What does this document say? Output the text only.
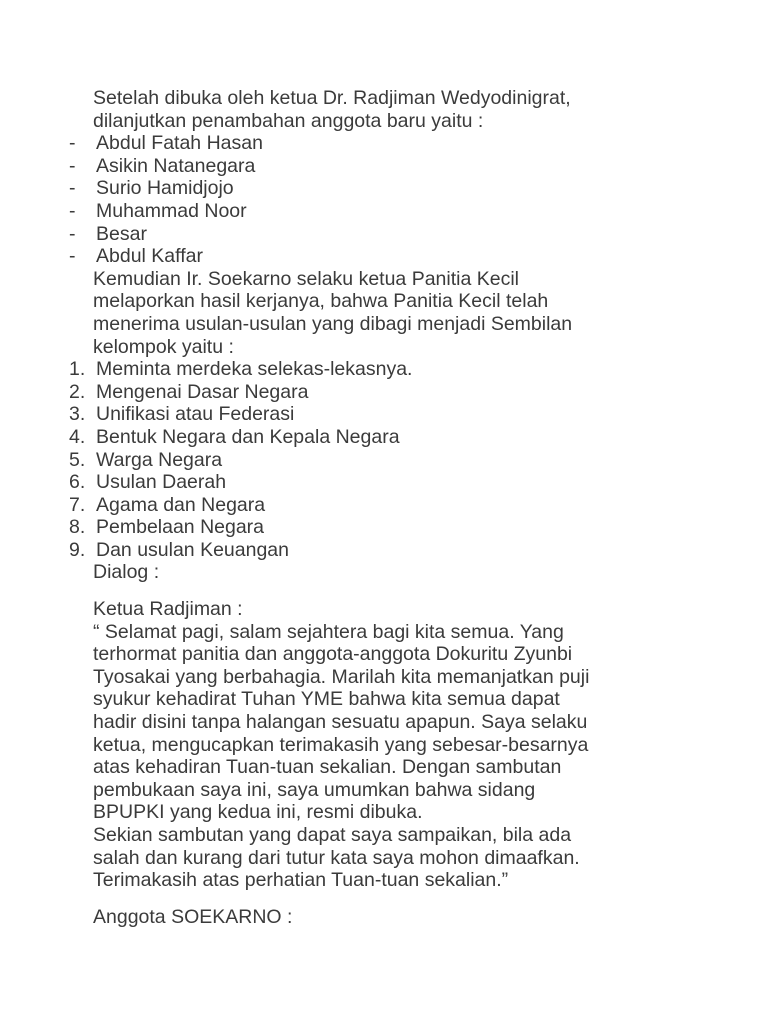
Setelah dibuka oleh ketua Dr. Radjiman Wedyodinigrat,
dilanjutkan penambahan anggota baru yaitu :
- Abdul Fatah Hasan
- Asikin Natanegara
- Surio Hamidjojo
- Muhammad Noor
- Besar
- Abdul Kaffar
Kemudian Ir. Soekarno selaku ketua Panitia Kecil
melaporkan hasil kerjanya, bahwa Panitia Kecil telah
menerima usulan-usulan yang dibagi menjadi Sembilan
kelompok yaitu :
1. Meminta merdeka selekas-lekasnya.
2. Mengenai Dasar Negara
3. Unifikasi atau Federasi
4. Bentuk Negara dan Kepala Negara
5. Warga Negara
6. Usulan Daerah
7. Agama dan Negara
8. Pembelaan Negara
9. Dan usulan Keuangan
Dialog :
Ketua Radjiman :
“ Selamat pagi, salam sejahtera bagi kita semua. Yang
terhormat panitia dan anggota-anggota Dokuritu Zyunbi
Tyosakai yang berbahagia. Marilah kita memanjatkan puji
syukur kehadirat Tuhan YME bahwa kita semua dapat
hadir disini tanpa halangan sesuatu apapun. Saya selaku
ketua, mengucapkan terimakasih yang sebesar-besarnya
atas kehadiran Tuan-tuan sekalian. Dengan sambutan
pembukaan saya ini, saya umumkan bahwa sidang
BPUPKI yang kedua ini, resmi dibuka.
Sekian sambutan yang dapat saya sampaikan, bila ada
salah dan kurang dari tutur kata saya mohon dimaafkan.
Terimakasih atas perhatian Tuan-tuan sekalian.”
Anggota SOEKARNO :
